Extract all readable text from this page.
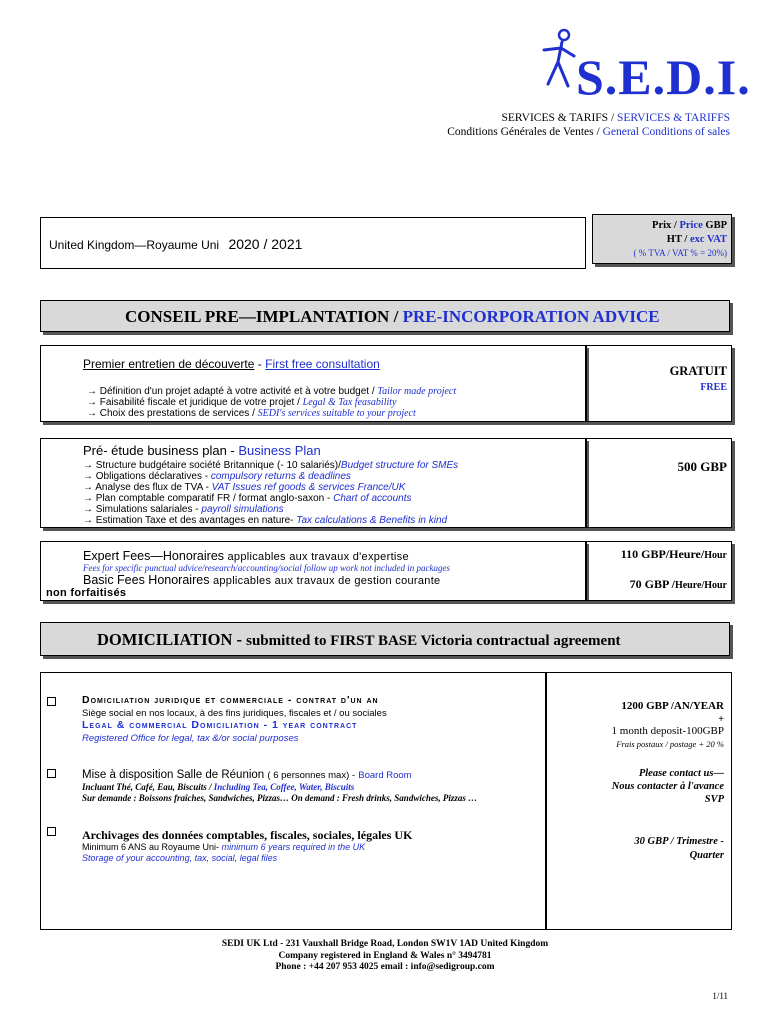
S.E.D.I.
SERVICES & TARIFS / SERVICES & TARIFFS
Conditions Générales de Ventes / General Conditions of sales
United Kingdom—Royaume Uni 2020 / 2021
Prix / Price GBP
HT / exc VAT
( % TVA / VAT % = 20%)
CONSEIL PRE—IMPLANTATION / PRE-INCORPORATION ADVICE
Premier entretien de découverte - First free consultation
→ Définition d'un projet adapté à votre activité et à votre budget / Tailor made project
→ Faisabilité fiscale et juridique de votre projet / Legal & Tax feasability
→ Choix des prestations de services / SEDI's services suitable to your project
GRATUIT
FREE
Pré- étude business plan - Business Plan
→ Structure budgétaire société Britannique (- 10 salariés)/Budget structure for SMEs
→ Obligations déclaratives - compulsory returns & deadlines
→ Analyse des flux de TVA - VAT Issues ref goods & services France/UK
→ Plan comptable comparatif FR / format anglo-saxon - Chart of accounts
→ Simulations salariales - payroll simulations
→ Estimation Taxe et des avantages en nature- Tax calculations & Benefits in kind
500 GBP
Expert Fees—Honoraires applicables aux travaux d'expertise
Fees for specific punctual advice/research/accounting/social follow up work not included in packages
Basic Fees Honoraires applicables aux travaux de gestion courante
non forfaitisés
110 GBP/Heure/Hour
70 GBP /Heure/Hour
DOMICILIATION - submitted to FIRST BASE Victoria contractual agreement
Domiciliation juridique et commerciale - contrat d'un an
Siège social en nos locaux, à des fins juridiques, fiscales et / ou sociales
Legal & commercial Domiciliation - 1 year contract
Registered Office for legal, tax &/or social purposes
1200 GBP /AN/YEAR
+
1 month deposit-100GBP
Frais postaux / postage + 20 %
Mise à disposition Salle de Réunion ( 6 personnes max) - Board Room
Incluant Thé, Café, Eau, Biscuits / Including Tea, Coffee, Water, Biscuits
Sur demande : Boissons fraîches, Sandwiches, Pizzas… On demand : Fresh drinks, Sandwiches, Pizzas …
Please contact us—
Nous contacter à l'avance
SVP
Archivages des données comptables, fiscales, sociales, légales UK
Minimum 6 ANS au Royaume Uni- minimum 6 years required in the UK
Storage of your accounting, tax, social, legal files
30 GBP / Trimestre -
Quarter
SEDI UK Ltd - 231 Vauxhall Bridge Road, London SW1V 1AD United Kingdom
Company registered in England & Wales n° 3494781
Phone : +44 207 953 4025 email : info@sedigroup.com
1/11
